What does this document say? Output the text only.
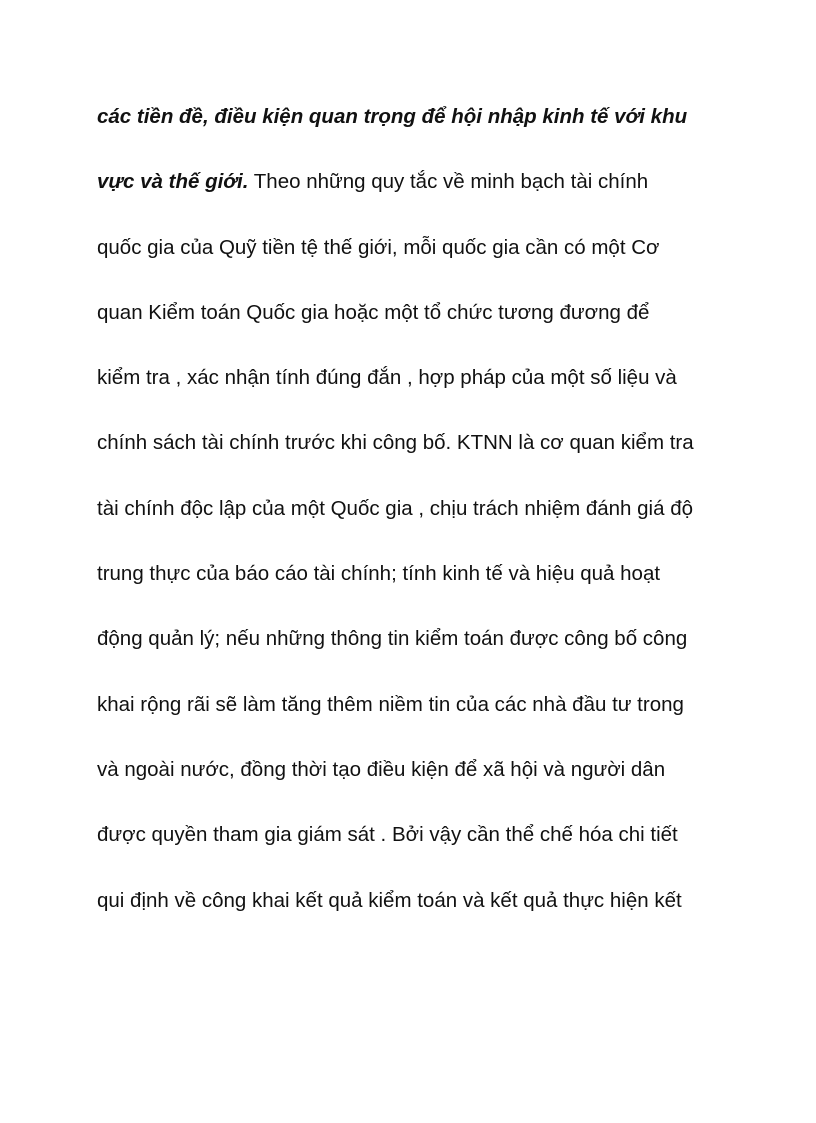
các tiền đề, điều kiện quan trọng để hội nhập kinh tế với khu
vực và thế giới. Theo những quy tắc về minh bạch tài chính
quốc gia của Quỹ tiền tệ thế giới, mỗi quốc gia cần có một Cơ
quan Kiểm toán Quốc gia hoặc một tổ chức tương đương để
kiểm tra , xác nhận tính đúng đắn , hợp pháp của một số liệu và
chính sách tài chính trước khi công bố. KTNN là cơ quan kiểm tra
tài chính độc lập của một Quốc gia , chịu trách nhiệm đánh giá độ
trung thực của báo cáo tài chính; tính kinh tế và hiệu quả hoạt
động quản lý; nếu những thông tin kiểm toán được công bố công
khai rộng rãi sẽ làm tăng thêm niềm tin của các nhà đầu tư trong
và ngoài nước, đồng thời tạo điều kiện để xã hội và người dân
được quyền tham gia giám sát . Bởi vậy cần thể chế hóa chi tiết
qui định về công khai kết quả kiểm toán và kết quả thực hiện kết
